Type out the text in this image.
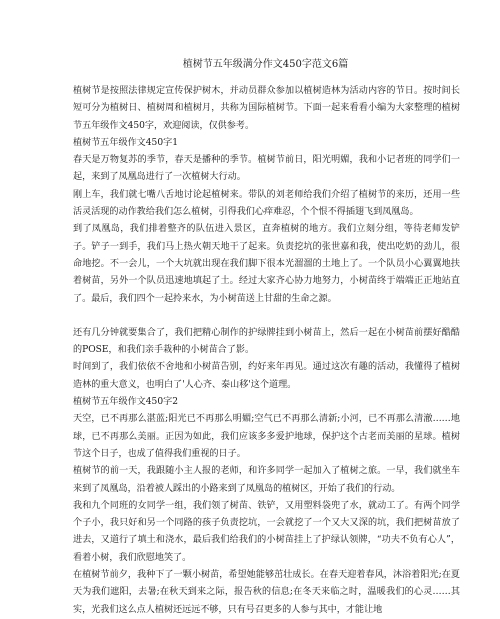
植树节五年级满分作文450字范文6篇

植树节是按照法律规定宣传保护树木，并动员群众参加以植树造林为活动内容的节日。按时间长短可分为植树日、植树周和植树月，共称为国际植树节。下面一起来看看小编为大家整理的植树节五年级作文450字，欢迎阅读，仅供参考。

植树节五年级作文450字1

春天是万物复苏的季节，春天是播种的季节。植树节前日，阳光明媚，我和小记者班的同学们一起，来到了凤凰岛进行了一次植树大行动。

刚上车，我们就七嘴八舌地讨论起植树来。带队的刘老师给我们介绍了植树节的来历，还用一些活灵活现的动作教给我们怎么植树，引得我们心痒难忍，个个恨不得插翅飞到凤凰岛。

到了凤凰岛，我们排着整齐的队伍进入景区，直奔植树的地方。我们立刻分组，等待老师发铲子。铲子一到手，我们马上热火朝天地干了起来。负责挖坑的张世嘉和我，使出吃奶的劲儿，很命地挖。不一会儿，一个大坑就出现在我们脚下很本光溜溜的土地上了。一个队员小心翼翼地扶着树苗，另外一个队员迅速地填起了土。经过大家齐心协力地努力，小树苗终于端端正正地站直了。最后，我们四个一起拎来水，为小树苗送上甘甜的生命之源。

还有几分钟就要集合了，我们把精心制作的护绿牌挂到小树苗上，然后一起在小树苗前摆好酷酷的POSE，和我们亲手栽种的小树苗合了影。

时间到了，我们依依不舍地和小树苗告别，约好来年再见。通过这次有趣的活动，我懂得了植树造林的重大意义，也明白了'人心齐、泰山移'这个道理。

植树节五年级作文450字2

天空，已不再那么湛蓝;阳光已不再那么明媚;空气已不再那么清新;小河，已不再那么清澈……地球，已不再那么美丽。正因为如此，我们应该多多爱护地球，保护这个古老而美丽的星球。植树节这个日子，也成了值得我们重视的日子。

植树节的前一天，我跟随小主人报的老师，和许多同学一起加入了植树之旅。一早，我们就坐车来到了凤凰岛，沿着被人踩出的小路来到了凤凰岛的植树区，开始了我们的行动。

我和九个同班的女同学一组，我们领了树苗、铁铲，又用塑料袋兜了水，就动工了。有两个同学个子小，我只好和另一个同路的孩子负责挖坑，一会就挖了一个又大又深的坑，我们把树苗放了进去，又道行了填土和浇水，最后我们给我们的小树苗挂上了护绿认领牌，“功夫不负有心人”，看着小树，我们欣慰地笑了。

在植树节前夕，我种下了一颗小树苗，希望她能够茁壮成长。在春天迎着春风，沐浴着阳光;在夏天为我们遮阳，去暑;在秋天到来之际，报告秋的信息;在冬天来临之时，温暖我们的心灵……其实，光我们这么点人植树还远远不够，只有号召更多的人参与其中，才能让地
